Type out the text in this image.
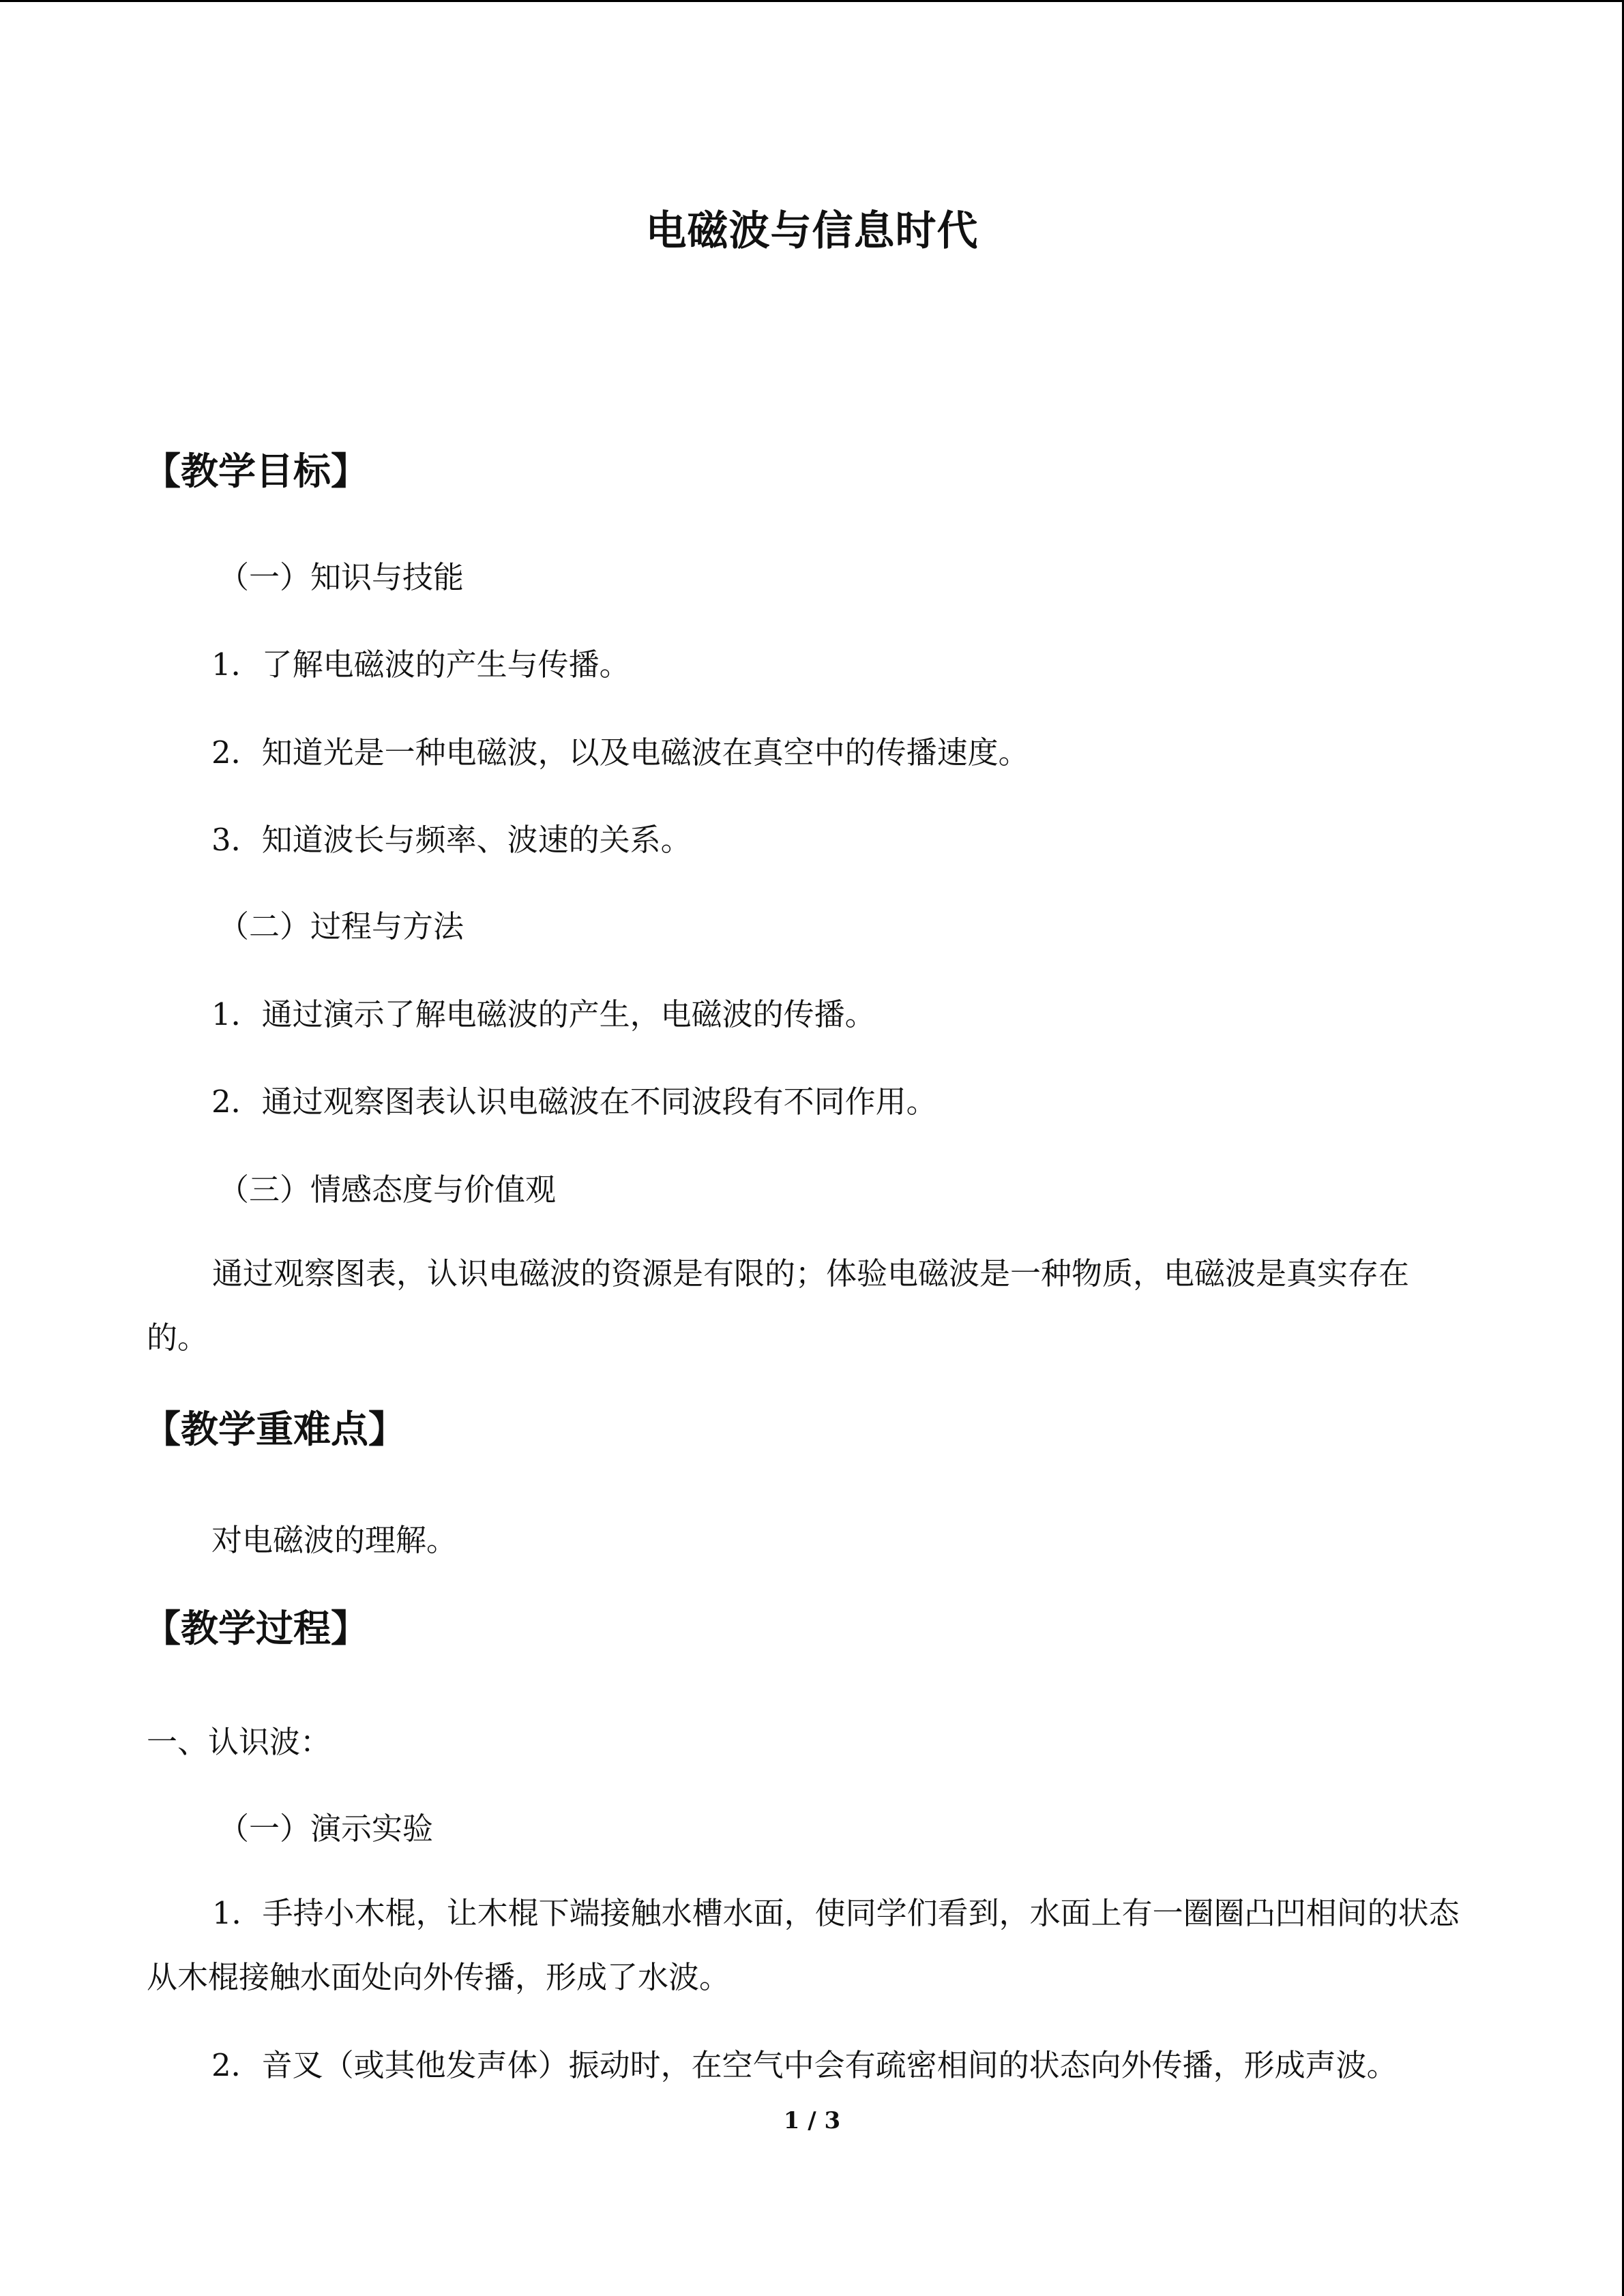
电磁波与信息时代
【教学目标】
（一）知识与技能
1．了解电磁波的产生与传播。
2．知道光是一种电磁波，以及电磁波在真空中的传播速度。
3．知道波长与频率、波速的关系。
（二）过程与方法
1．通过演示了解电磁波的产生，电磁波的传播。
2．通过观察图表认识电磁波在不同波段有不同作用。
（三）情感态度与价值观

通过观察图表，认识电磁波的资源是有限的；体验电磁波是一种物质，电磁波是真实存在的。

【教学重难点】
对电磁波的理解。
【教学过程】
一、认识波：
（一）演示实验

1．手持小木棍，让木棍下端接触水槽水面，使同学们看到，水面上有一圈圈凸凹相间的状态从木棍接触水面处向外传播，形成了水波。

2．音叉（或其他发声体）振动时，在空气中会有疏密相间的状态向外传播，形成声波。
1 / 3
